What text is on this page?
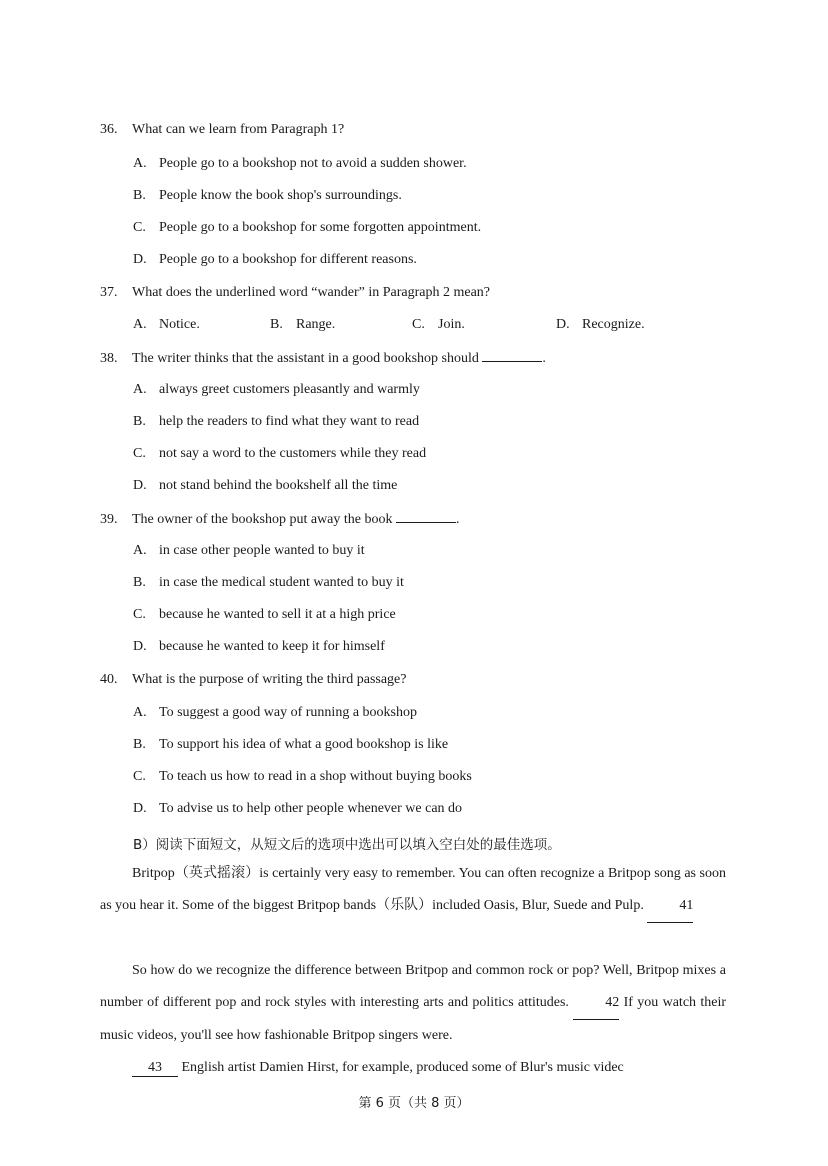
36. What can we learn from Paragraph 1?
A. People go to a bookshop not to avoid a sudden shower.
B. People know the book shop's surroundings.
C. People go to a bookshop for some forgotten appointment.
D. People go to a bookshop for different reasons.
37. What does the underlined word “wander” in Paragraph 2 mean?
A. Notice.	B. Range.	C. Join.	D. Recognize.
38. The writer thinks that the assistant in a good bookshop should	.
A. always greet customers pleasantly and warmly
B. help the readers to find what they want to read
C. not say a word to the customers while they read
D. not stand behind the bookshelf all the time
39. The owner of the bookshop put away the book	.
A. in case other people wanted to buy it
B. in case the medical student wanted to buy it
C. because he wanted to sell it at a high price
D. because he wanted to keep it for himself
40. What is the purpose of writing the third passage?
A. To suggest a good way of running a bookshop
B. To support his idea of what a good bookshop is like
C. To teach us how to read in a shop without buying books
D. To advise us to help other people whenever we can do
B）阅读下面短文，从短文后的选项中选出可以填入空白处的最佳选项。
Britpop（英式摇滚）is certainly very easy to remember. You can often recognize a Britpop song as soon as you hear it. Some of the biggest Britpop bands（乐队）included Oasis, Blur, Suede and Pulp.	41
So how do we recognize the difference between Britpop and common rock or pop? Well, Britpop mixes a number of different pop and rock styles with interesting arts and politics attitudes.	42 If you watch their music videos, you'll see how fashionable Britpop singers were.
43 English artist Damien Hirst, for example, produced some of Blur's music videc
第 6 页（共 8 页）
